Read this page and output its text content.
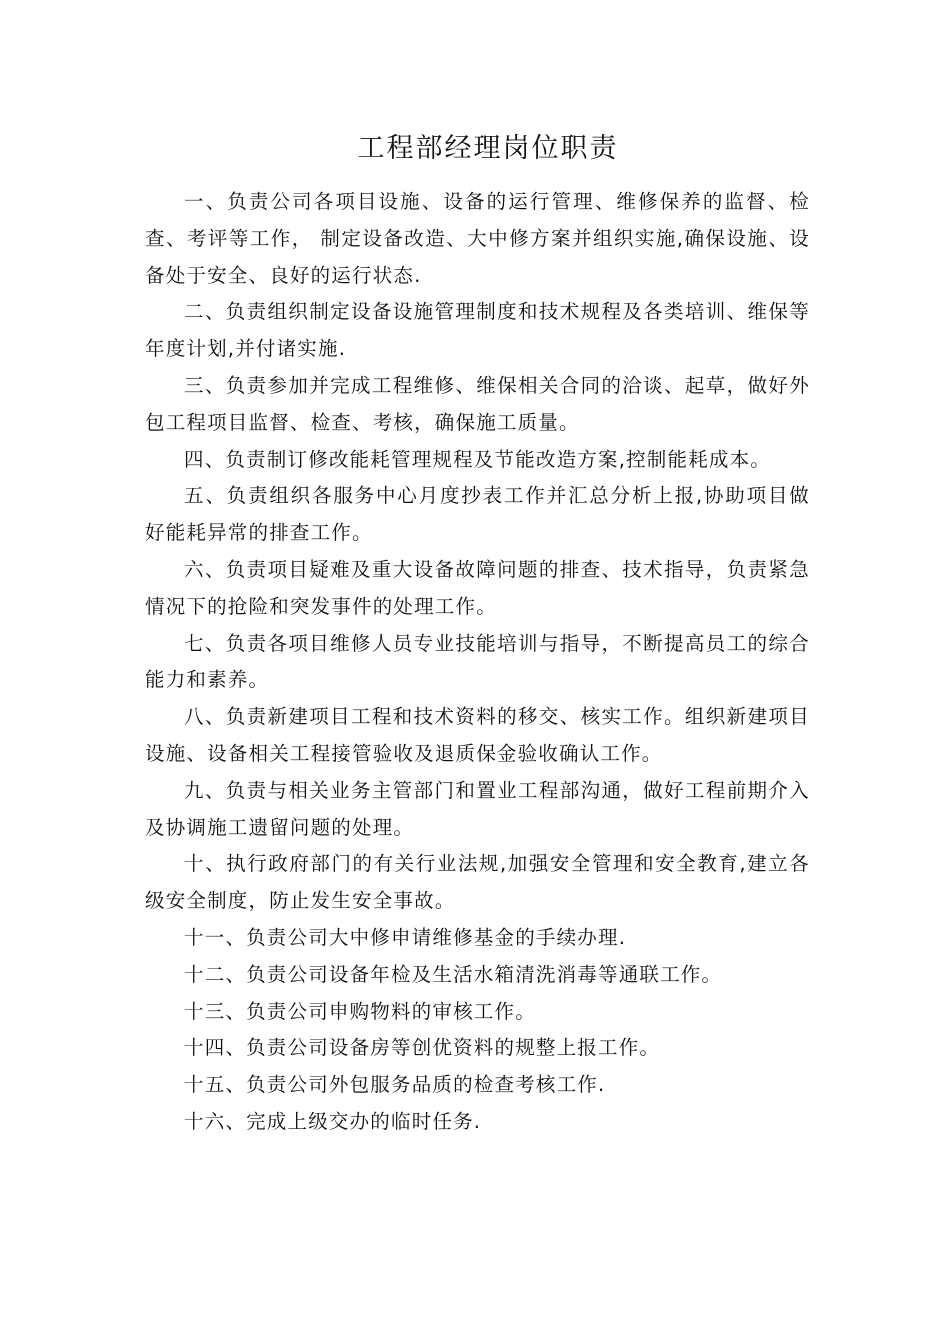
工程部经理岗位职责

一、负责公司各项目设施、设备的运行管理、维修保养的监督、检查、考评等工作， 制定设备改造、大中修方案并组织实施,确保设施、设备处于安全、良好的运行状态.

二、负责组织制定设备设施管理制度和技术规程及各类培训、维保等年度计划,并付诸实施.

三、负责参加并完成工程维修、维保相关合同的洽谈、起草，做好外包工程项目监督、检查、考核，确保施工质量。

四、负责制订修改能耗管理规程及节能改造方案,控制能耗成本。

五、负责组织各服务中心月度抄表工作并汇总分析上报,协助项目做好能耗异常的排查工作。

六、负责项目疑难及重大设备故障问题的排查、技术指导，负责紧急情况下的抢险和突发事件的处理工作。

七、负责各项目维修人员专业技能培训与指导，不断提高员工的综合能力和素养。

八、负责新建项目工程和技术资料的移交、核实工作。组织新建项目设施、设备相关工程接管验收及退质保金验收确认工作。

九、负责与相关业务主管部门和置业工程部沟通，做好工程前期介入及协调施工遗留问题的处理。

十、执行政府部门的有关行业法规,加强安全管理和安全教育,建立各级安全制度，防止发生安全事故。

十一、负责公司大中修申请维修基金的手续办理.

十二、负责公司设备年检及生活水箱清洗消毒等通联工作。

十三、负责公司申购物料的审核工作。

十四、负责公司设备房等创优资料的规整上报工作。

十五、负责公司外包服务品质的检查考核工作.

十六、完成上级交办的临时任务.
